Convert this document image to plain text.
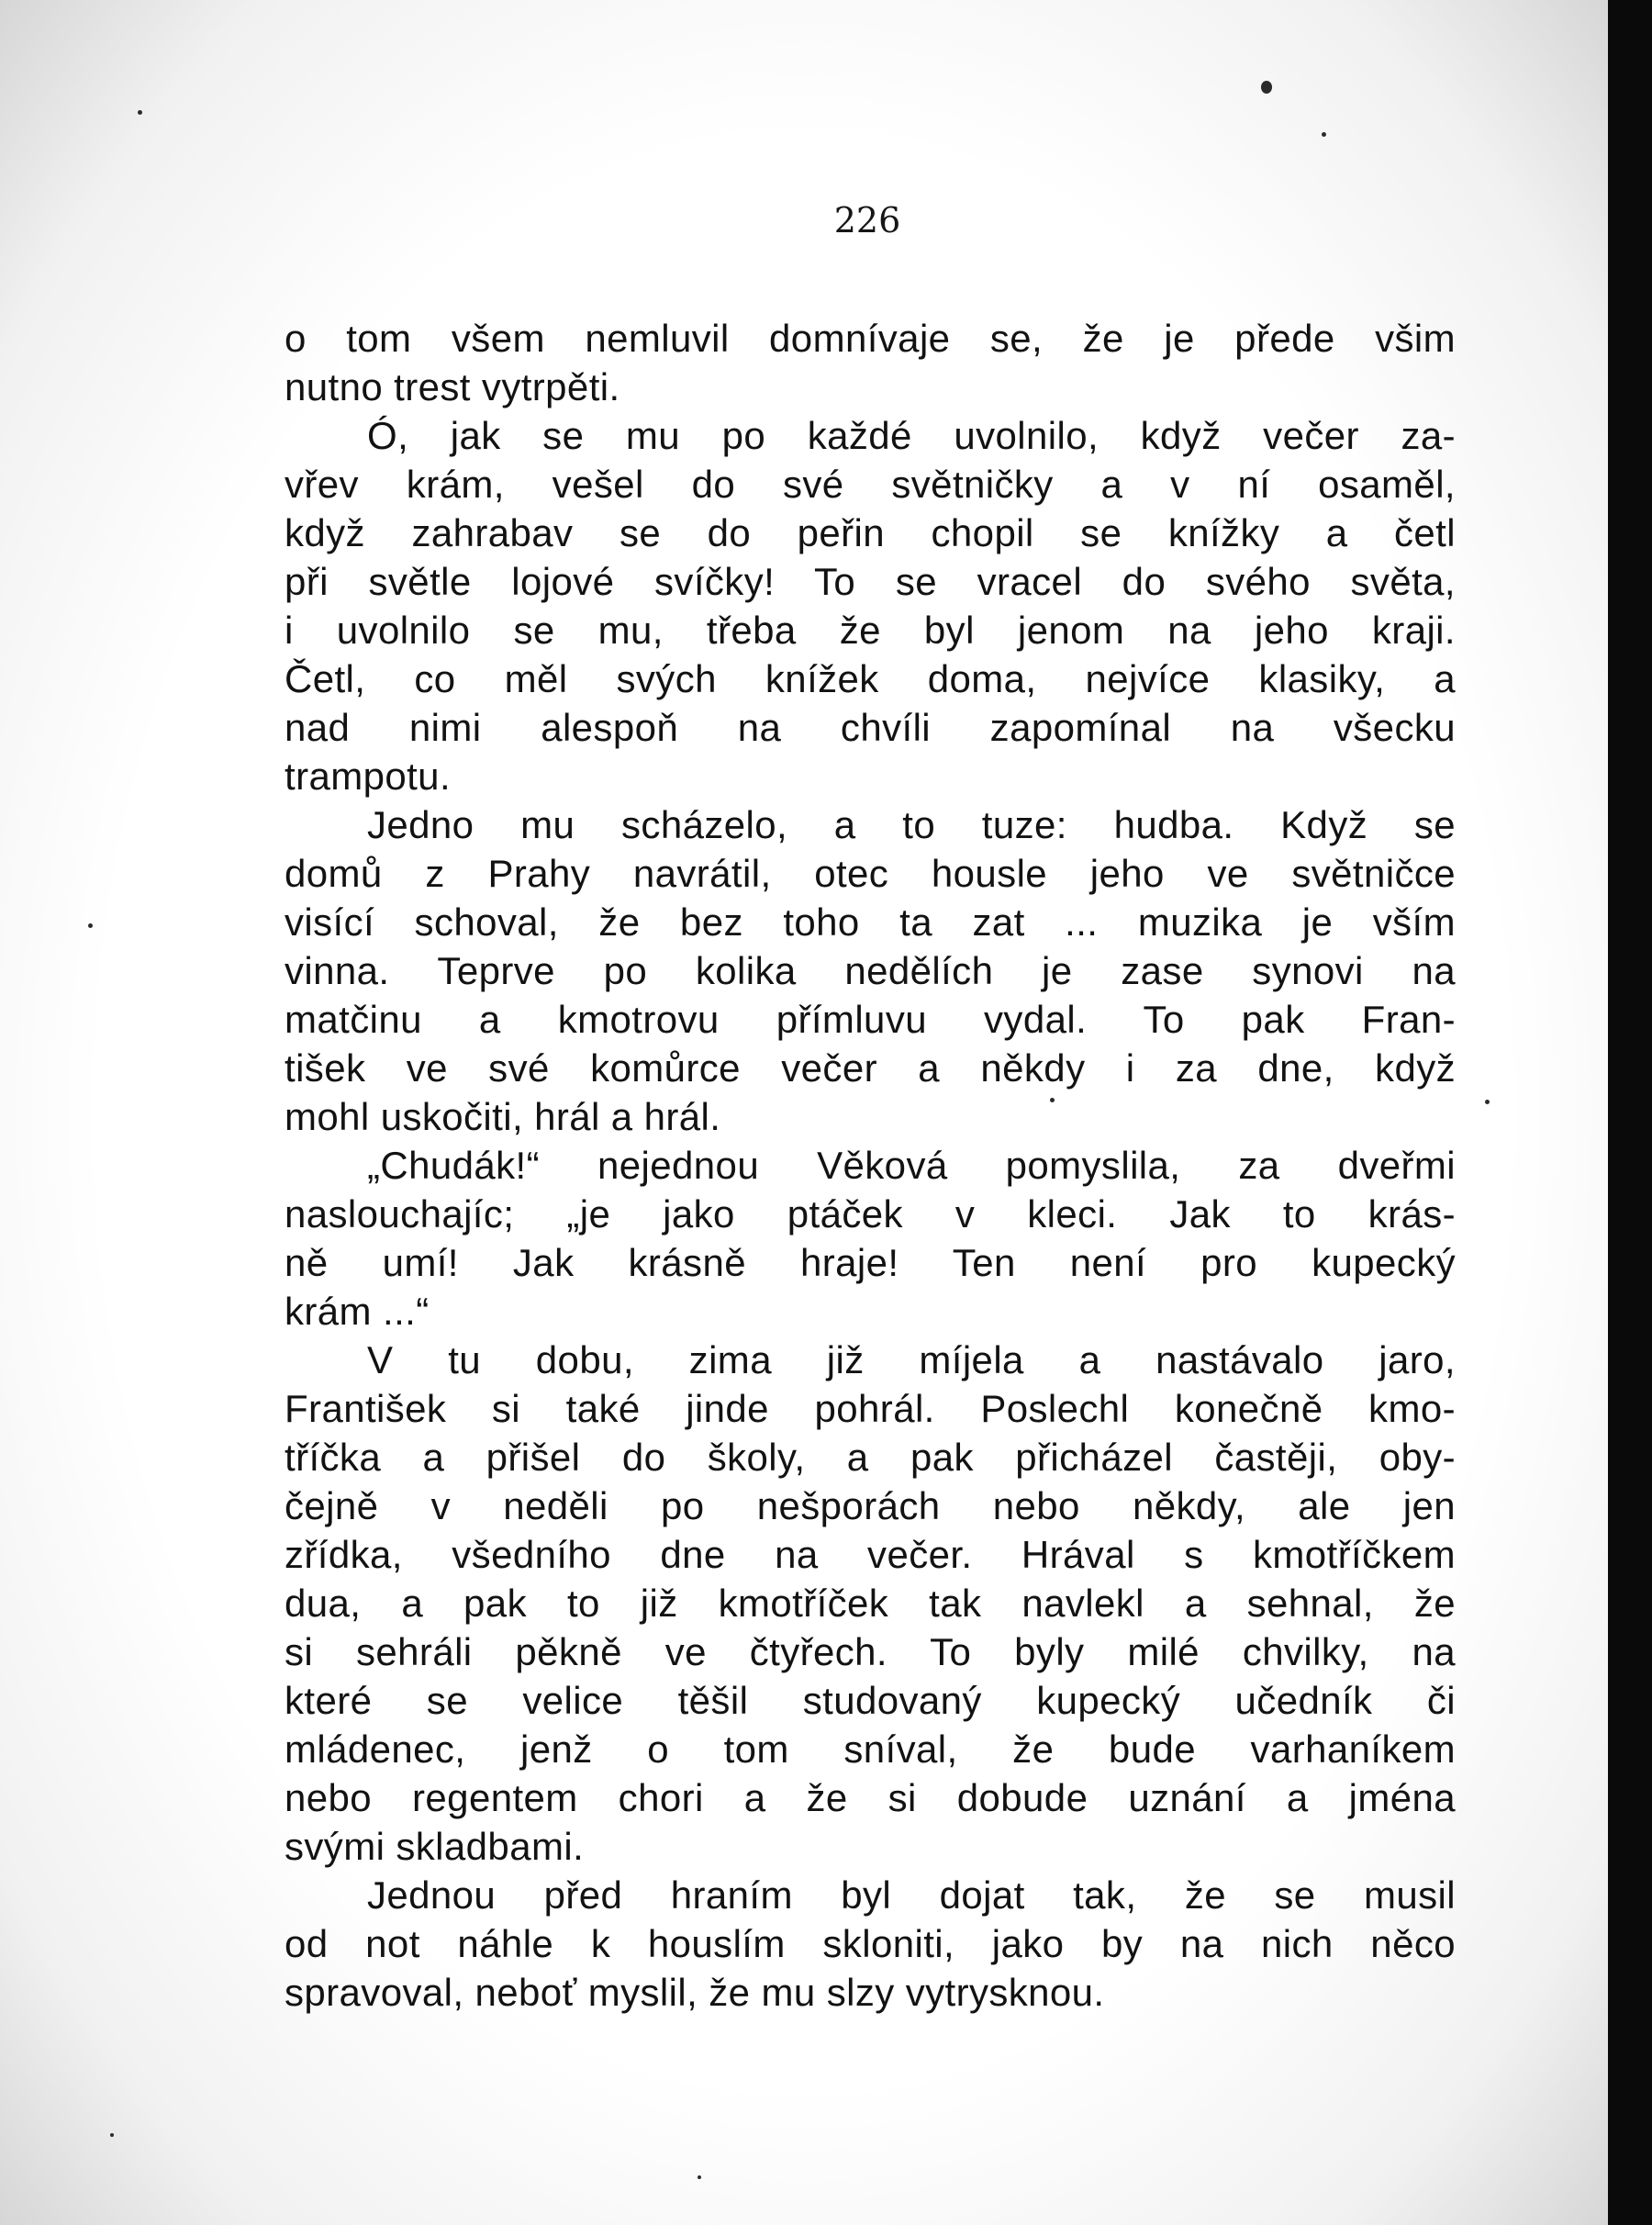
226
o tom všem nemluvil domnívaje se, že je přede všim
nutno trest vytrpěti.
Ó, jak se mu po každé uvolnilo, když večer za-
vřev krám, vešel do své světničky a v ní osaměl,
když zahrabav se do peřin chopil se knížky a četl
při světle lojové svíčky! To se vracel do svého světa,
i uvolnilo se mu, třeba že byl jenom na jeho kraji.
Četl, co měl svých knížek doma, nejvíce klasiky, a
nad nimi alespoň na chvíli zapomínal na všecku
trampotu.
Jedno mu scházelo, a to tuze: hudba. Když se
domů z Prahy navrátil, otec housle jeho ve světničce
visící schoval, že bez toho ta zat ... muzika je vším
vinna. Teprve po kolika nedělích je zase synovi na
matčinu a kmotrovu přímluvu vydal. To pak Fran-
tišek ve své komůrce večer a někdy i za dne, když
mohl uskočiti, hrál a hrál.
„Chudák!“ nejednou Věková pomyslila, za dveřmi
naslouchajíc; „je jako ptáček v kleci. Jak to krás-
ně umí! Jak krásně hraje! Ten není pro kupecký
krám ...“
V tu dobu, zima již míjela a nastávalo jaro,
František si také jinde pohrál. Poslechl konečně kmo-
tříčka a přišel do školy, a pak přicházel častěji, oby-
čejně v neděli po nešporách nebo někdy, ale jen
zřídka, všedního dne na večer. Hrával s kmotříčkem
dua, a pak to již kmotříček tak navlekl a sehnal, že
si sehráli pěkně ve čtyřech. To byly milé chvilky, na
které se velice těšil studovaný kupecký učedník či
mládenec, jenž o tom sníval, že bude varhaníkem
nebo regentem chori a že si dobude uznání a jména
svými skladbami.
Jednou před hraním byl dojat tak, že se musil
od not náhle k houslím skloniti, jako by na nich něco
spravoval, neboť myslil, že mu slzy vytrysknou.
